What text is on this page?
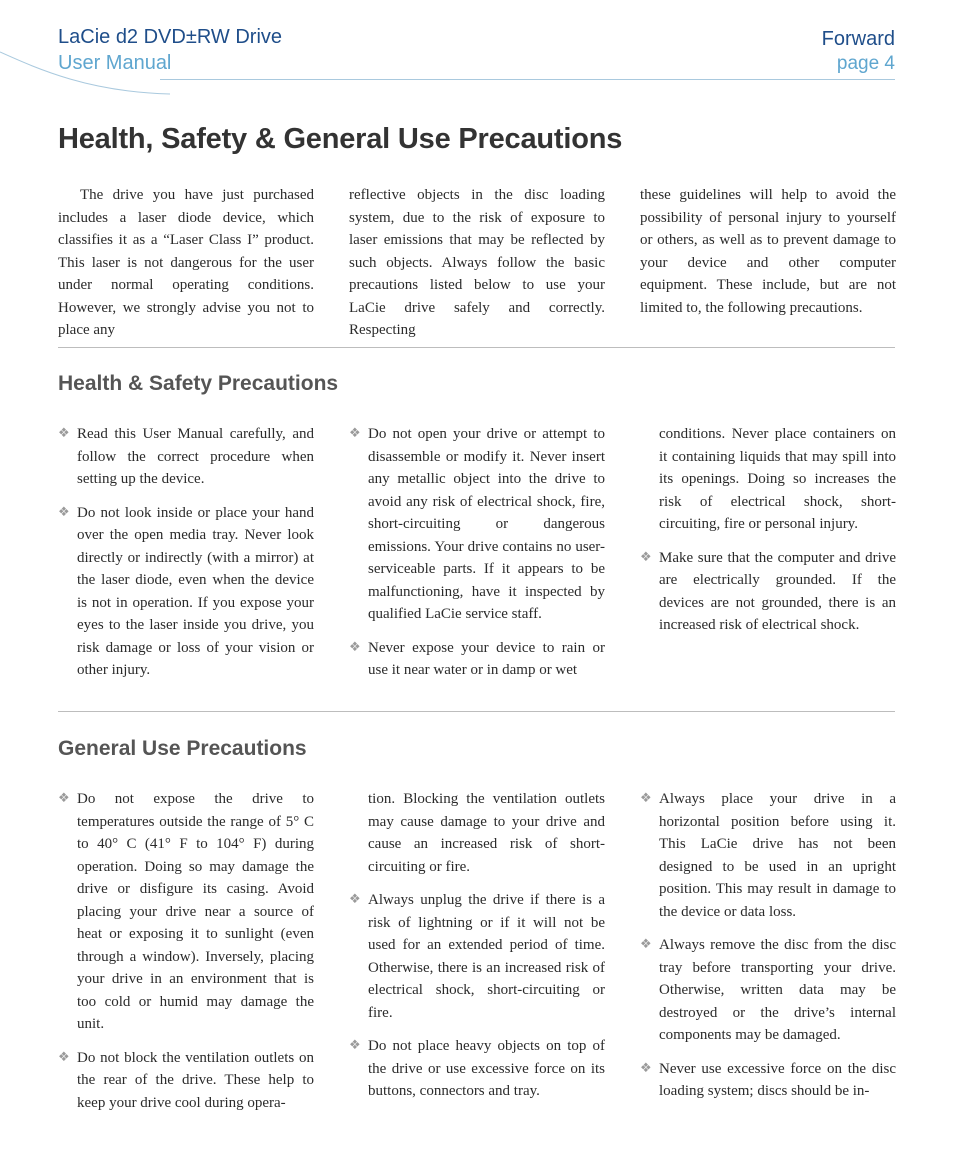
LaCie d2 DVD±RW Drive
User Manual
Forward
page 4
Health, Safety & General Use Precautions

The drive you have just purchased includes a laser diode device, which classifies it as a “Laser Class I” product. This laser is not dangerous for the user under normal operating conditions. However, we strongly advise you not to place any

reflective objects in the disc loading system, due to the risk of exposure to laser emissions that may be reflected by such objects. Always follow the basic precautions listed below to use your LaCie drive safely and correctly. Respecting

these guidelines will help to avoid the possibility of personal injury to yourself or others, as well as to prevent damage to your device and other computer equipment. These include, but are not limited to, the following precautions.

Health & Safety Precautions
❖ Read this User Manual carefully, and follow the correct procedure when setting up the device.
❖ Do not look inside or place your hand over the open media tray. Never look directly or indirectly (with a mirror) at the laser diode, even when the device is not in operation. If you expose your eyes to the laser inside you drive, you risk damage or loss of your vision or other injury.
❖ Do not open your drive or attempt to disassemble or modify it. Never insert any metallic object into the drive to avoid any risk of electrical shock, fire, short-circuiting or dangerous emissions. Your drive contains no user-serviceable parts. If it appears to be malfunctioning, have it inspected by qualified LaCie service staff.
❖ Never expose your device to rain or use it near water or in damp or wet
conditions. Never place containers on it containing liquids that may spill into its openings. Doing so increases the risk of electrical shock, short-circuiting, fire or personal injury.
❖ Make sure that the computer and drive are electrically grounded. If the devices are not grounded, there is an increased risk of electrical shock.
General Use Precautions
❖ Do not expose the drive to temperatures outside the range of 5° C to 40° C (41° F to 104° F) during operation. Doing so may damage the drive or disfigure its casing. Avoid placing your drive near a source of heat or exposing it to sunlight (even through a window). Inversely, placing your drive in an environment that is too cold or humid may damage the unit.
❖ Do not block the ventilation outlets on the rear of the drive. These help to keep your drive cool during opera-
tion. Blocking the ventilation outlets may cause damage to your drive and cause an increased risk of short-circuiting or fire.
❖ Always unplug the drive if there is a risk of lightning or if it will not be used for an extended period of time. Otherwise, there is an increased risk of electrical shock, short-circuiting or fire.
❖ Do not place heavy objects on top of the drive or use excessive force on its buttons, connectors and tray.
❖ Always place your drive in a horizontal position before using it. This LaCie drive has not been designed to be used in an upright position. This may result in damage to the device or data loss.
❖ Always remove the disc from the disc tray before transporting your drive. Otherwise, written data may be destroyed or the drive’s internal components may be damaged.
❖ Never use excessive force on the disc loading system; discs should be in-
